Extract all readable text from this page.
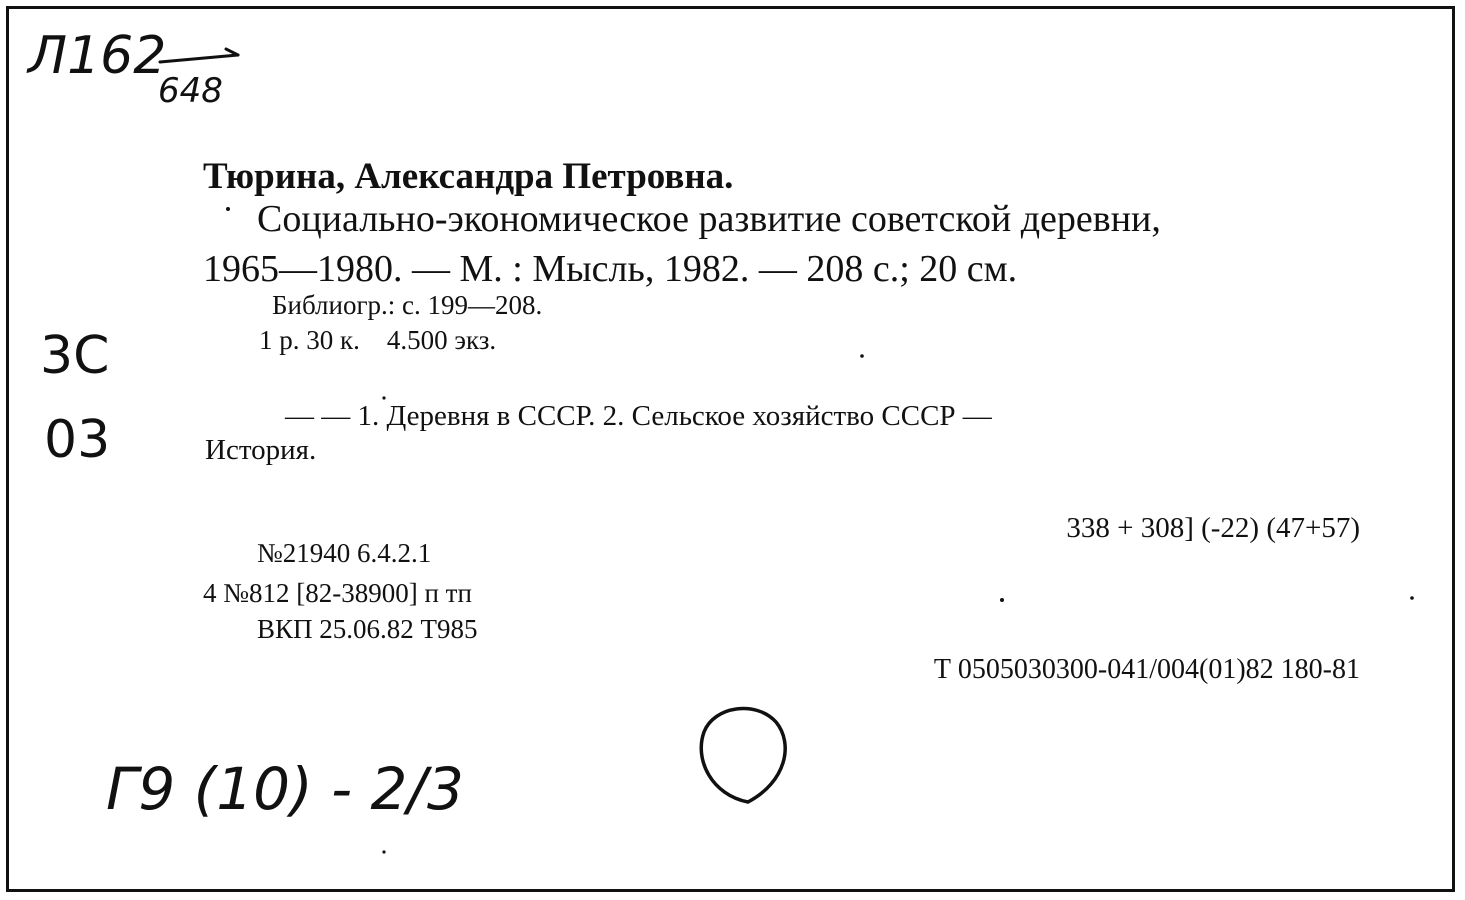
Л162

648

Тюрина, Александра Петровна.

Социально-экономическое развитие советской деревни,

1965—1980. — М. : Мысль, 1982. — 208 с.; 20 см.

Библиогр.: с. 199—208.

1 р. 30 к.    4.500 экз.

3С

03	— — 1. Деревня в СССР. 2. Сельское хозяйство СССР —

История.

338 + 308] (-22) (47+57)

№21940 6.4.2.1

4 №812 [82-38900] п тп

ВКП 25.06.82 Т985

Т 0505030300-041/004(01)82 180-81

Г9 (10) - 2/3
